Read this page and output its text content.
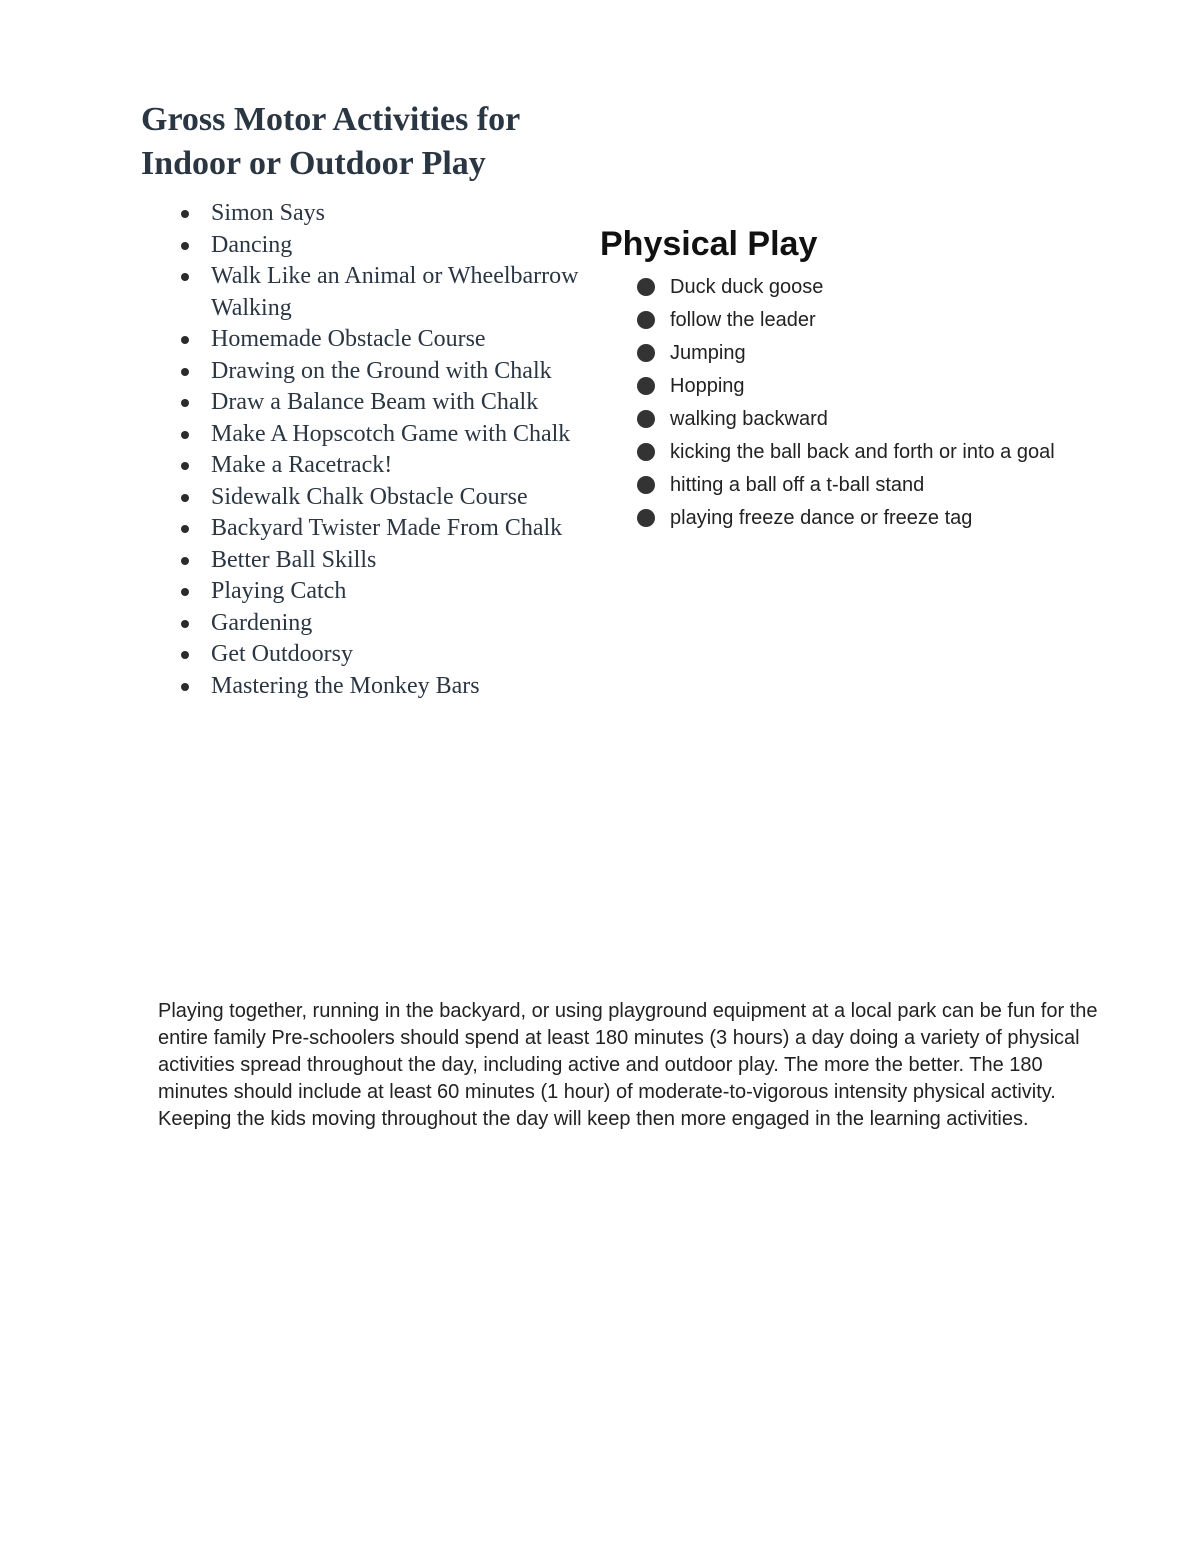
Gross Motor Activities for
Indoor or Outdoor Play
Simon Says
Dancing
Walk Like an Animal or Wheelbarrow Walking
Homemade Obstacle Course
Drawing on the Ground with Chalk
Draw a Balance Beam with Chalk
Make A Hopscotch Game with Chalk
Make a Racetrack!
Sidewalk Chalk Obstacle Course
Backyard Twister Made From Chalk
Better Ball Skills
Playing Catch
Gardening
Get Outdoorsy
Mastering the Monkey Bars
Physical Play
Duck duck goose
follow the leader
Jumping
Hopping
walking backward
kicking the ball back and forth or into a goal
hitting a ball off a t-ball stand
playing freeze dance or freeze tag

Playing together, running in the backyard, or using playground equipment at a local park can be fun for the entire family Pre-schoolers should spend at least 180 minutes (3 hours) a day doing a variety of physical activities spread throughout the day, including active and outdoor play. The more the better. The 180 minutes should include at least 60 minutes (1 hour) of moderate-to-vigorous intensity physical activity. Keeping the kids moving throughout the day will keep then more engaged in the learning activities.
